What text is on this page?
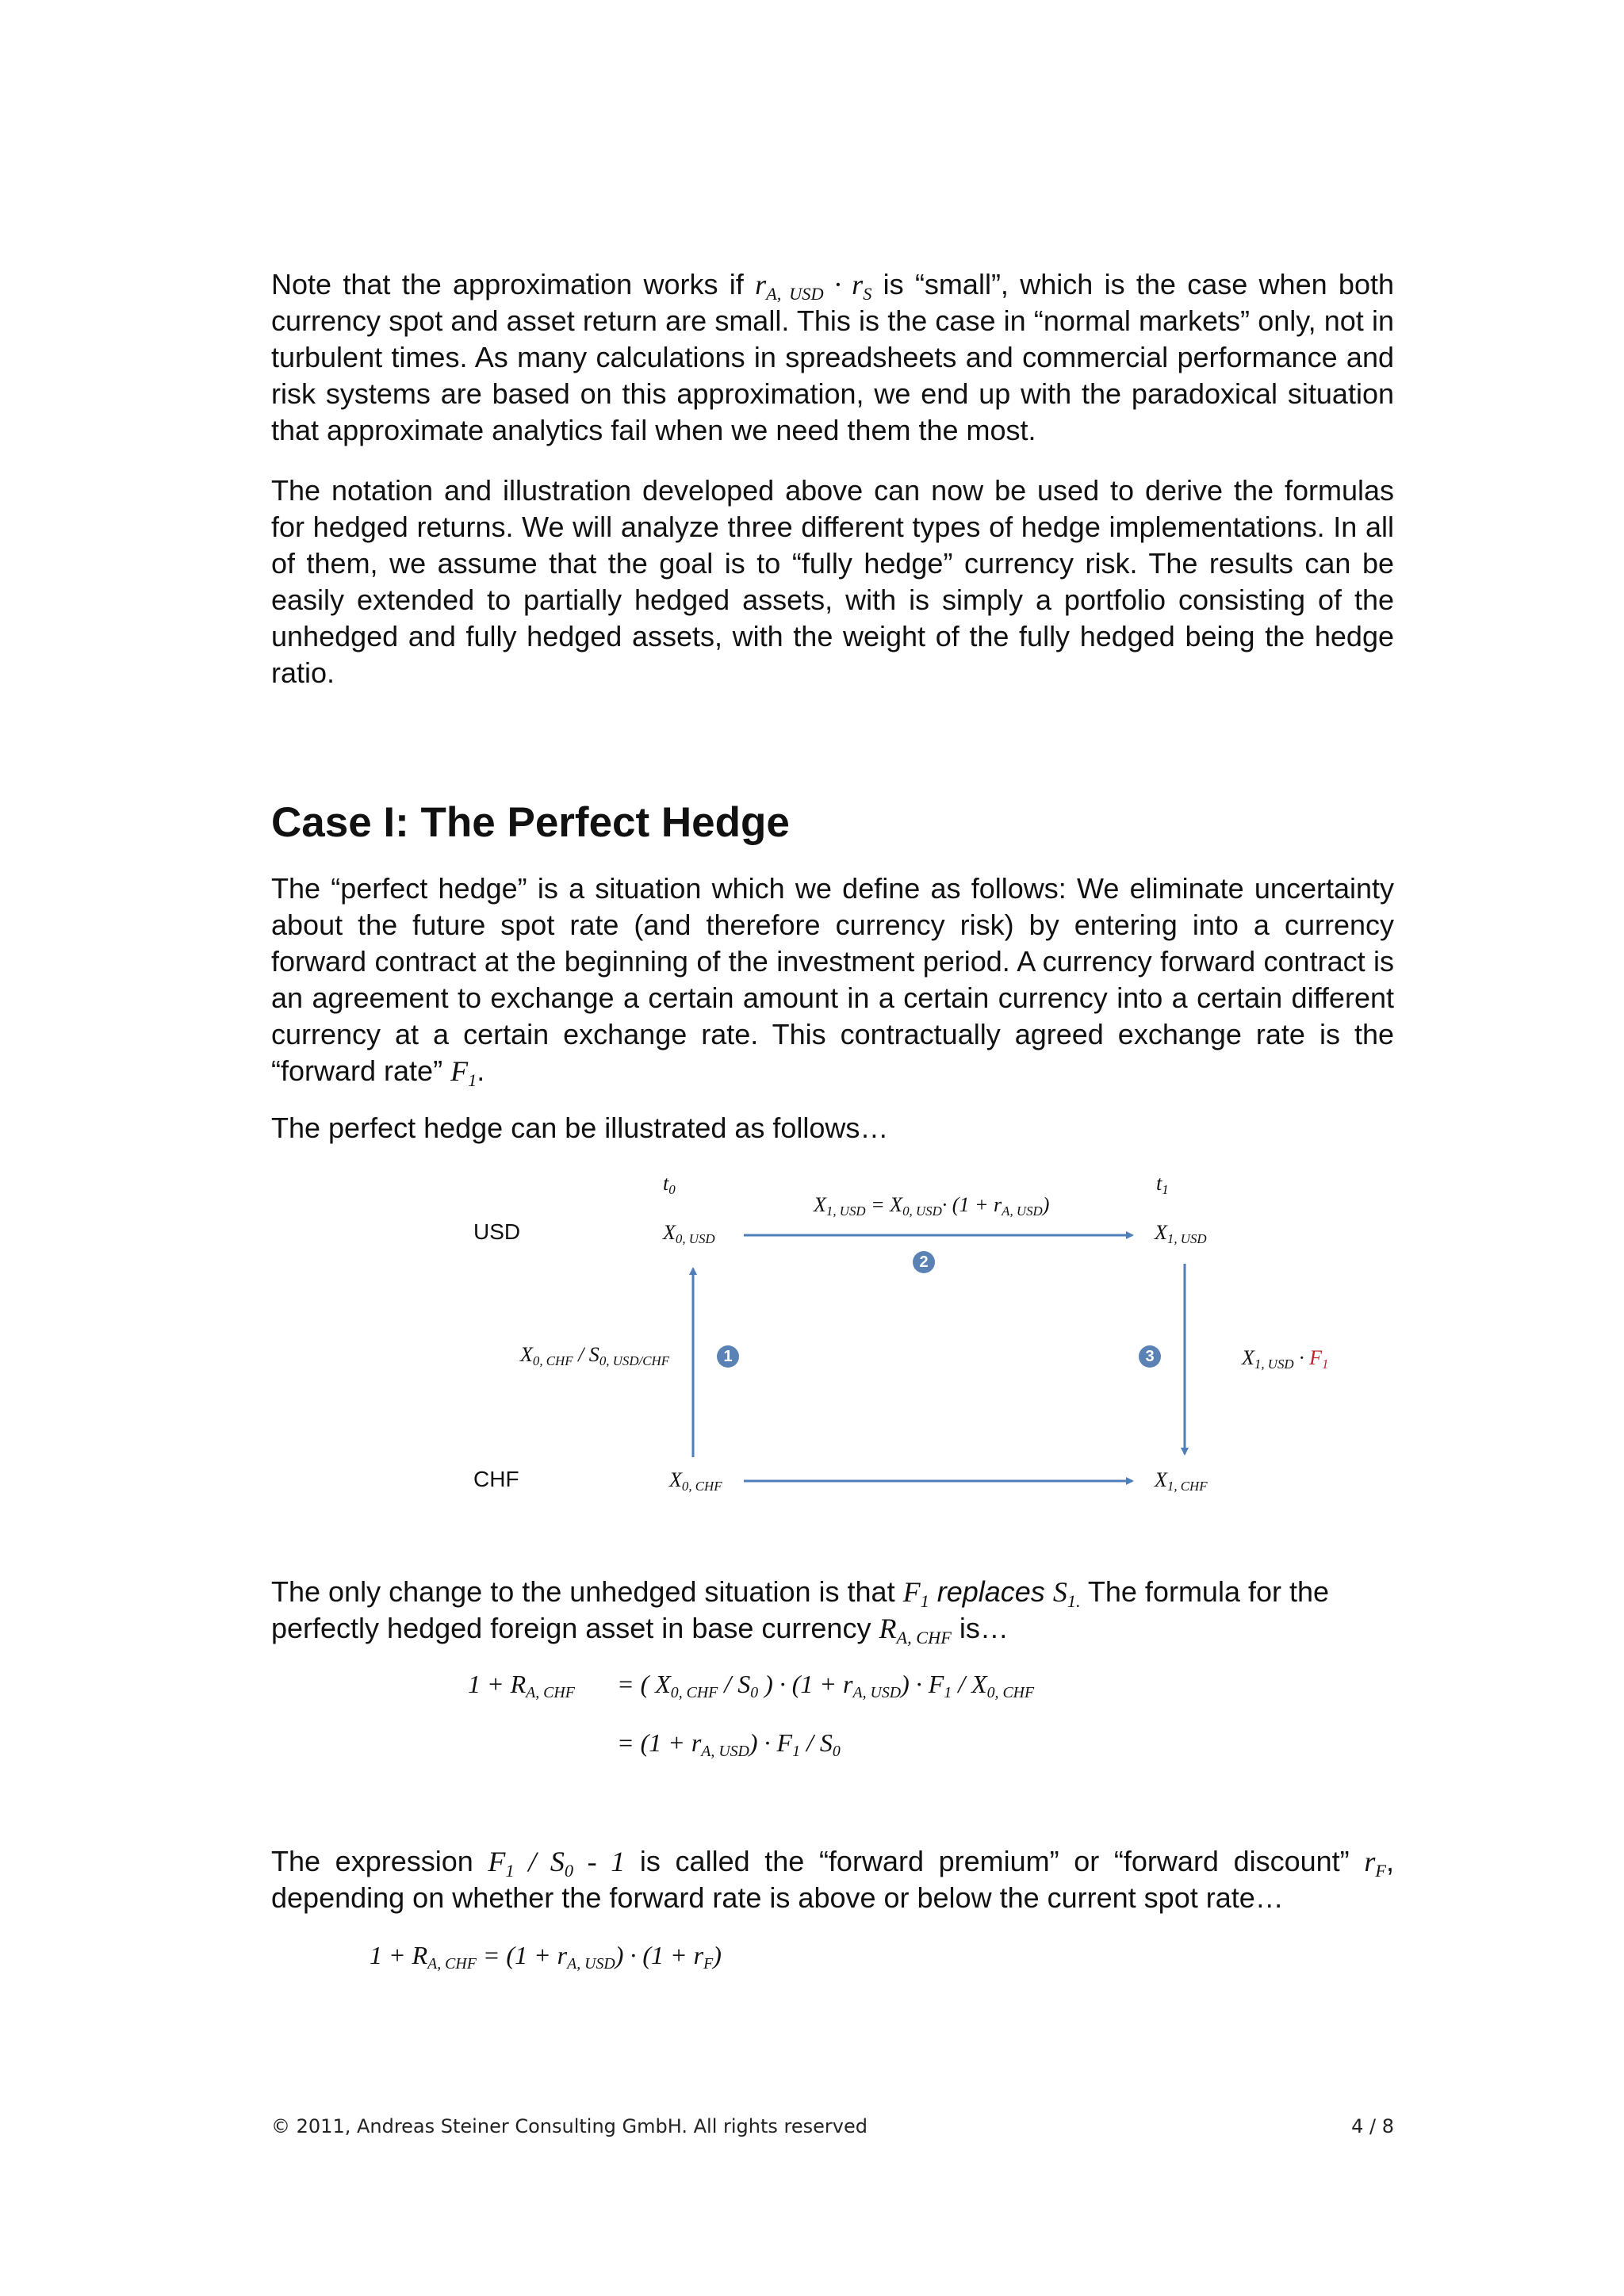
Note that the approximation works if $r_{A, USD} \cdot r_S$ is “small”, which is the case when both currency spot and asset return are small. This is the case in “normal markets” only, not in turbulent times. As many calculations in spreadsheets and commercial performance and risk systems are based on this approximation, we end up with the paradoxical situation that approximate analytics fail when we need them the most.

The notation and illustration developed above can now be used to derive the formulas for hedged returns. We will analyze three different types of hedge implementations. In all of them, we assume that the goal is to “fully hedge” currency risk. The results can be easily extended to partially hedged assets, with is simply a portfolio consisting of the unhedged and fully hedged assets, with the weight of the fully hedged being the hedge ratio.

Case I: The Perfect Hedge

The “perfect hedge” is a situation which we define as follows: We eliminate uncertainty about the future spot rate (and therefore currency risk) by entering into a currency forward contract at the beginning of the investment period. A currency forward contract is an agreement to exchange a certain amount in a certain currency into a certain different currency at a certain exchange rate. This contractually agreed exchange rate is the “forward rate” $F_1$.

The perfect hedge can be illustrated as follows…

USD
CHF
$t_0$	$t_1$
$X_{1, USD} = X_{0, USD}\cdot (1 + r_{A, USD})$
$X_{0, USD}$	$X_{1, USD}$
$X_{0, CHF}$	$X_{1, CHF}$
$X_{0, CHF} / S_{0, USD/CHF}$	$X_{1, USD} \cdot F_1$
1
2
3

The only change to the unhedged situation is that $F_1$ replaces $S_{1.}$ The formula for the perfectly hedged foreign asset in base currency $R_{A, CHF}$ is…

$1 + R_{A, CHF}$ = ( $X_{0, CHF} / S_0$ ) · $(1 + r_{A, USD}) \cdot F_1 / X_{0, CHF}$
= $(1 + r_{A, USD}) \cdot F_1 / S_0$

The expression $F_1 / S_0 - 1$ is called the “forward premium” or “forward discount” $r_F$, depending on whether the forward rate is above or below the current spot rate…

$1 + R_{A, CHF} = (1 + r_{A, USD}) \cdot (1 + r_F)$
© 2011, Andreas Steiner Consulting GmbH. All rights reserved	4 / 8
